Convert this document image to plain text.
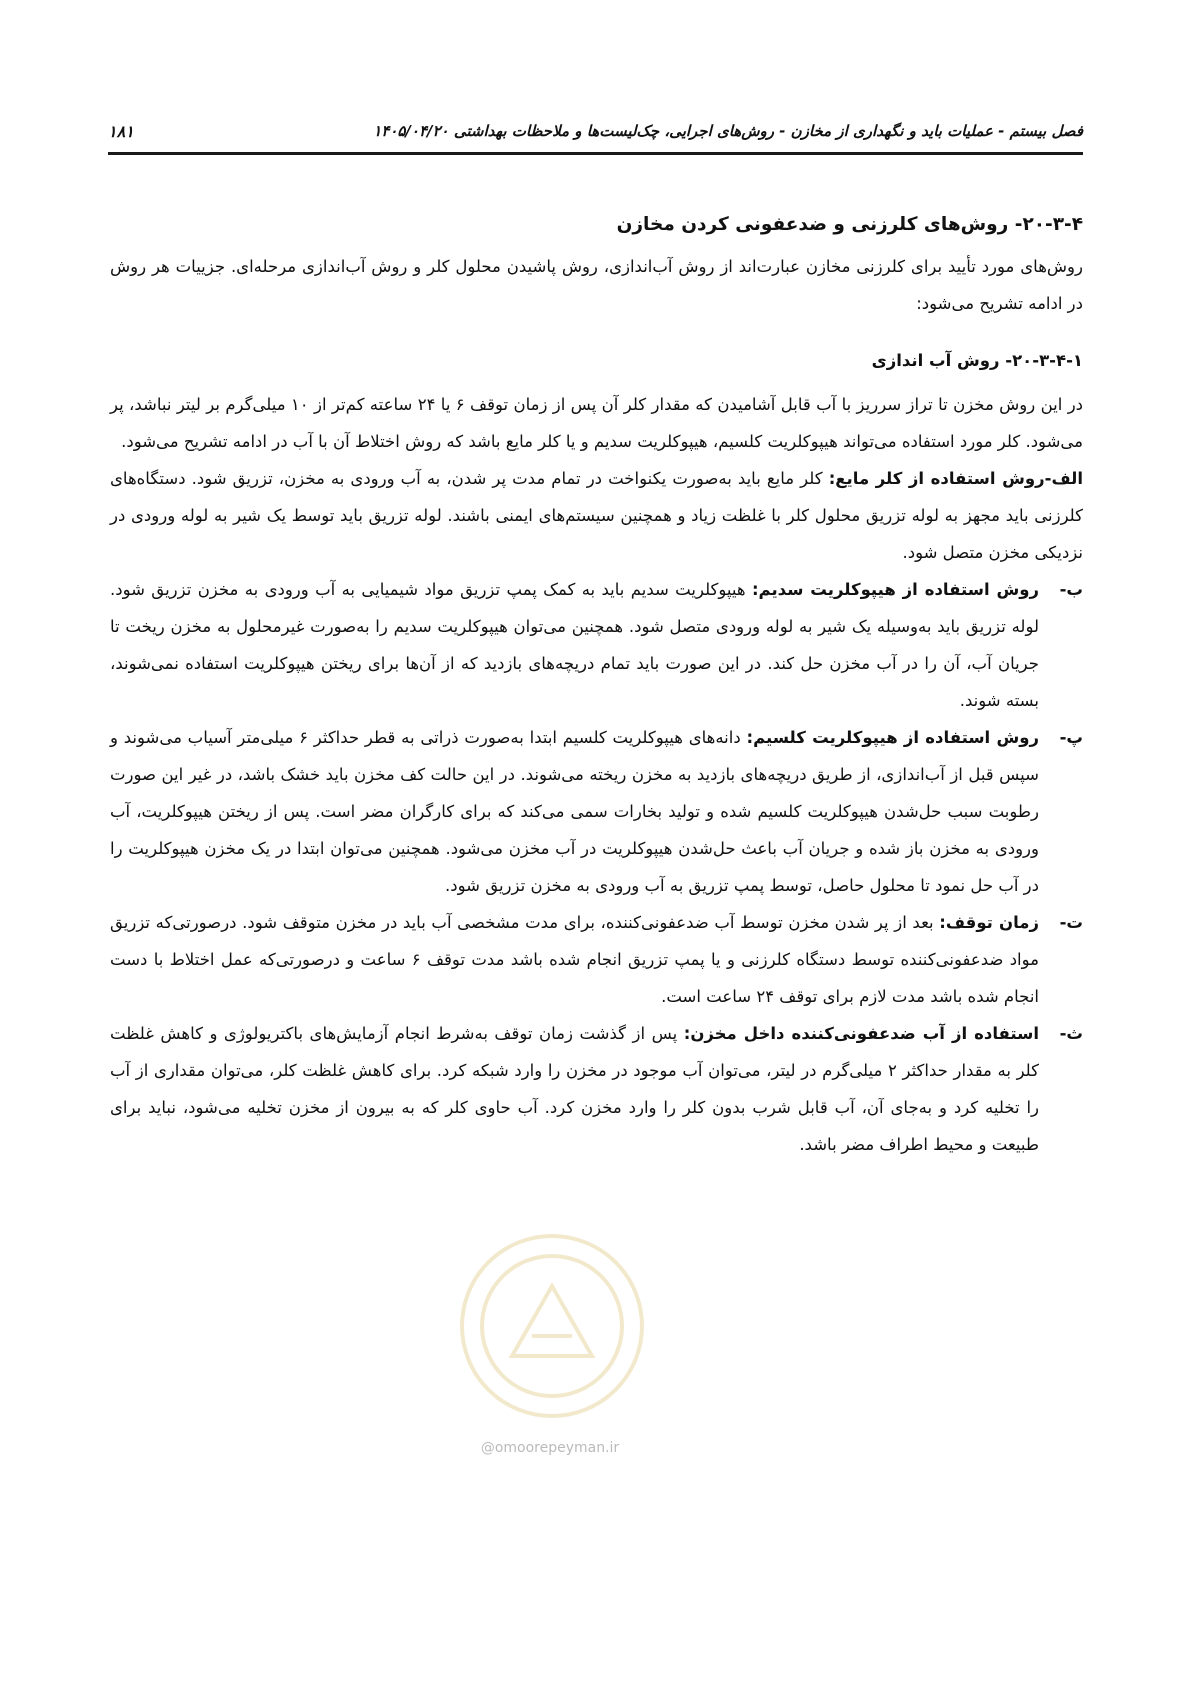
فصل بیستم - عملیات باید و نگهداری از مخازن - روش‌های اجرایی، چک‌لیست‌ها و ملاحظات بهداشتی ۱۴۰۵/۰۴/۲۰
۱۸۱
۲۰-۳-۴- روش‌های کلرزنی و ضدعفونی کردن مخازن

روش‌های مورد تأیید برای کلرزنی مخازن عبارت‌اند از روش آب‌اندازی، روش پاشیدن محلول کلر و روش آب‌اندازی مرحله‌ای. جزییات هر روش در ادامه تشریح می‌شود:

۲۰-۳-۴-۱- روش آب اندازی

در این روش مخزن تا تراز سرریز با آب قابل آشامیدن که مقدار کلر آن پس از زمان توقف ۶ یا ۲۴ ساعته کم‌تر از ۱۰ میلی‌گرم بر لیتر نباشد، پر می‌شود. کلر مورد استفاده می‌تواند هیپوکلریت کلسیم، هیپوکلریت سدیم و یا کلر مایع باشد که روش اختلاط آن با آب در ادامه تشریح می‌شود.

الف-روش استفاده از کلر مایع: کلر مایع باید به‌صورت یکنواخت در تمام مدت پر شدن، به آب ورودی به مخزن، تزریق شود. دستگاه‌های کلرزنی باید مجهز به لوله تزریق محلول کلر با غلظت زیاد و همچنین سیستم‌های ایمنی باشند. لوله تزریق باید توسط یک شیر به لوله ورودی در نزدیکی مخزن متصل شود.
ب-
روش استفاده از هیپوکلریت سدیم: هیپوکلریت سدیم باید به کمک پمپ تزریق مواد شیمیایی به آب ورودی به مخزن تزریق شود. لوله تزریق باید به‌وسیله یک شیر به لوله ورودی متصل شود. همچنین می‌توان هیپوکلریت سدیم را به‌صورت غیرمحلول به مخزن ریخت تا جریان آب، آن را در آب مخزن حل کند. در این صورت باید تمام دریچه‌های بازدید که از آن‌ها برای ریختن هیپوکلریت استفاده نمی‌شوند، بسته شوند.
پ-
روش استفاده از هیپوکلریت کلسیم: دانه‌های هیپوکلریت کلسیم ابتدا به‌صورت ذراتی به قطر حداکثر ۶ میلی‌متر آسیاب می‌شوند و سپس قبل از آب‌اندازی، از طریق دریچه‌های بازدید به مخزن ریخته می‌شوند. در این حالت کف مخزن باید خشک باشد، در غیر این صورت رطوبت سبب حل‌شدن هیپوکلریت کلسیم شده و تولید بخارات سمی می‌کند که برای کارگران مضر است. پس از ریختن هیپوکلریت، آب ورودی به مخزن باز شده و جریان آب باعث حل‌شدن هیپوکلریت در آب مخزن می‌شود. همچنین می‌توان ابتدا در یک مخزن هیپوکلریت را در آب حل نمود تا محلول حاصل، توسط پمپ تزریق به آب ورودی به مخزن تزریق شود.
ت-
زمان توقف: بعد از پر شدن مخزن توسط آب ضدعفونی‌کننده، برای مدت مشخصی آب باید در مخزن متوقف شود. درصورتی‌که تزریق مواد ضدعفونی‌کننده توسط دستگاه کلرزنی و یا پمپ تزریق انجام شده باشد مدت توقف ۶ ساعت و درصورتی‌که عمل اختلاط با دست انجام شده باشد مدت لازم برای توقف ۲۴ ساعت است.
ث-
استفاده از آب ضدعفونی‌کننده داخل مخزن: پس از گذشت زمان توقف به‌شرط انجام آزمایش‌های باکتریولوژی و کاهش غلظت کلر به مقدار حداکثر ۲ میلی‌گرم در لیتر، می‌توان آب موجود در مخزن را وارد شبکه کرد. برای کاهش غلظت کلر، می‌توان مقداری از آب را تخلیه کرد و به‌جای آن، آب قابل شرب بدون کلر را وارد مخزن کرد. آب حاوی کلر که به بیرون از مخزن تخلیه می‌شود، نباید برای طبیعت و محیط اطراف مضر باشد.
@omoorepeyman.ir
